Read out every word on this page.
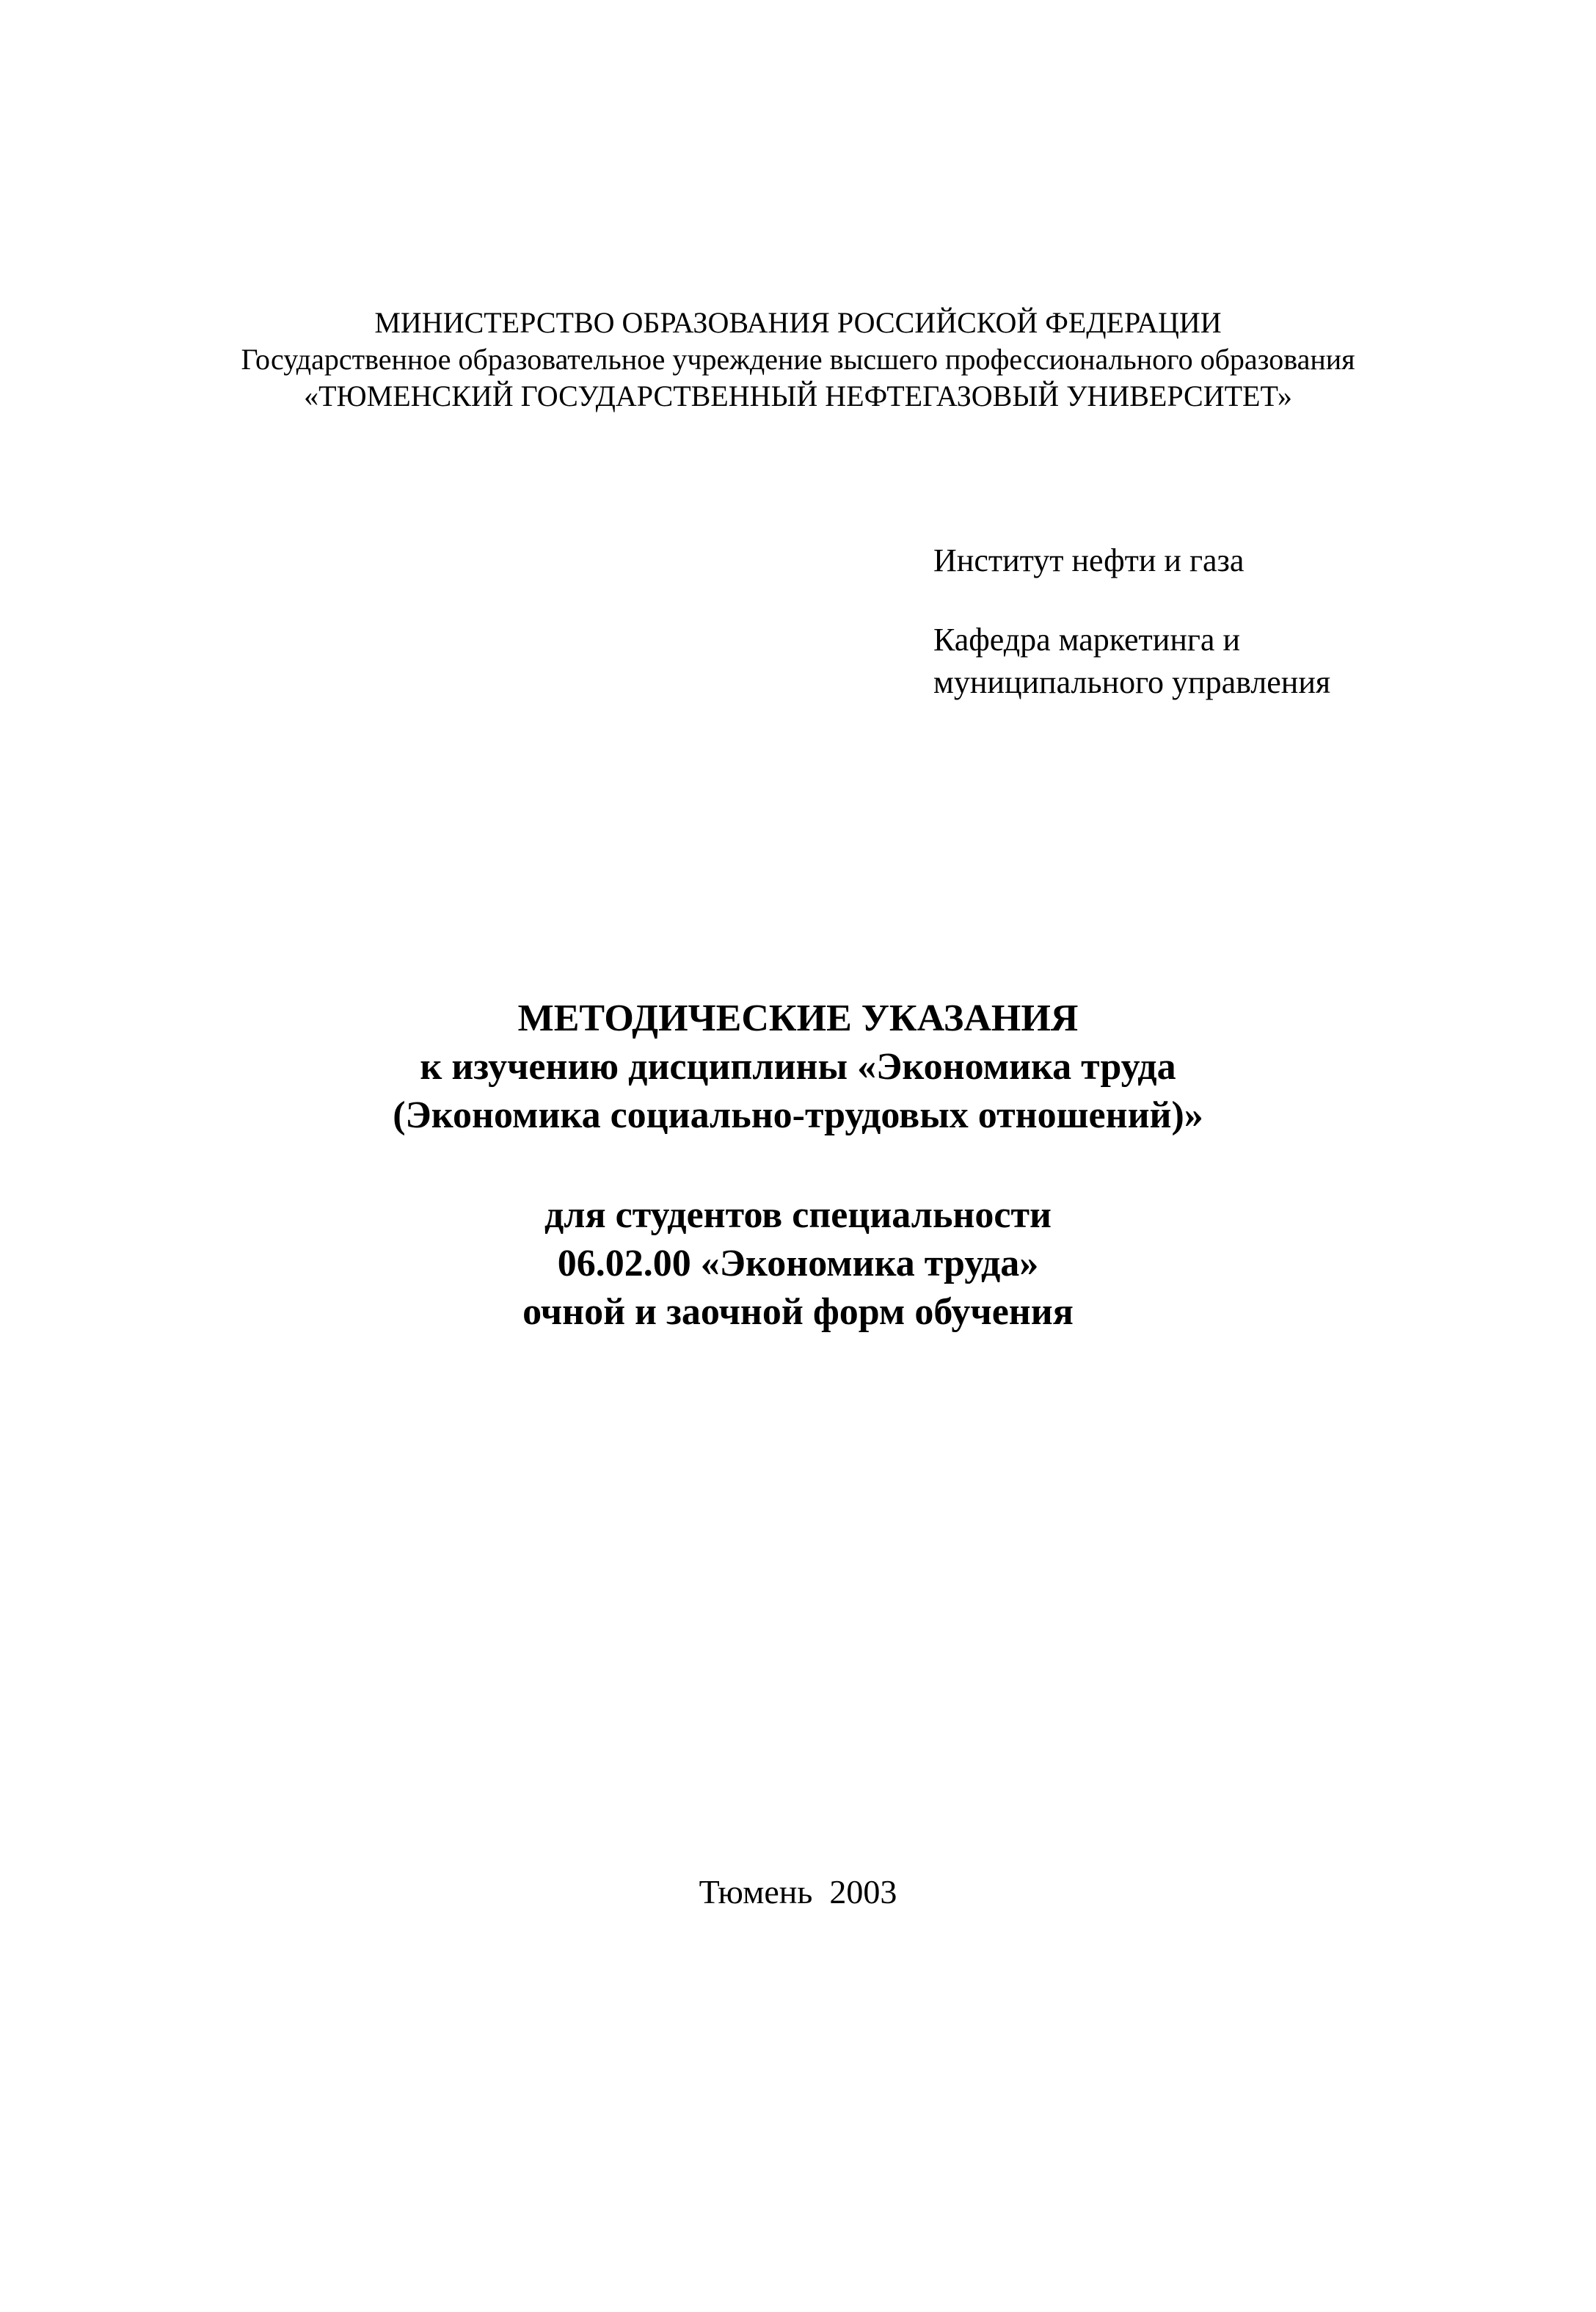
МИНИСТЕРСТВО ОБРАЗОВАНИЯ РОССИЙСКОЙ ФЕДЕРАЦИИ
Государственное образовательное учреждение высшего профессионального образования
«ТЮМЕНСКИЙ ГОСУДАРСТВЕННЫЙ НЕФТЕГАЗОВЫЙ УНИВЕРСИТЕТ»
Институт нефти и газа
Кафедра маркетинга и
муниципального управления
МЕТОДИЧЕСКИЕ УКАЗАНИЯ
к изучению дисциплины «Экономика труда
(Экономика социально-трудовых отношений)»
для студентов специальности
06.02.00 «Экономика труда»
очной и заочной форм обучения
Тюмень  2003
